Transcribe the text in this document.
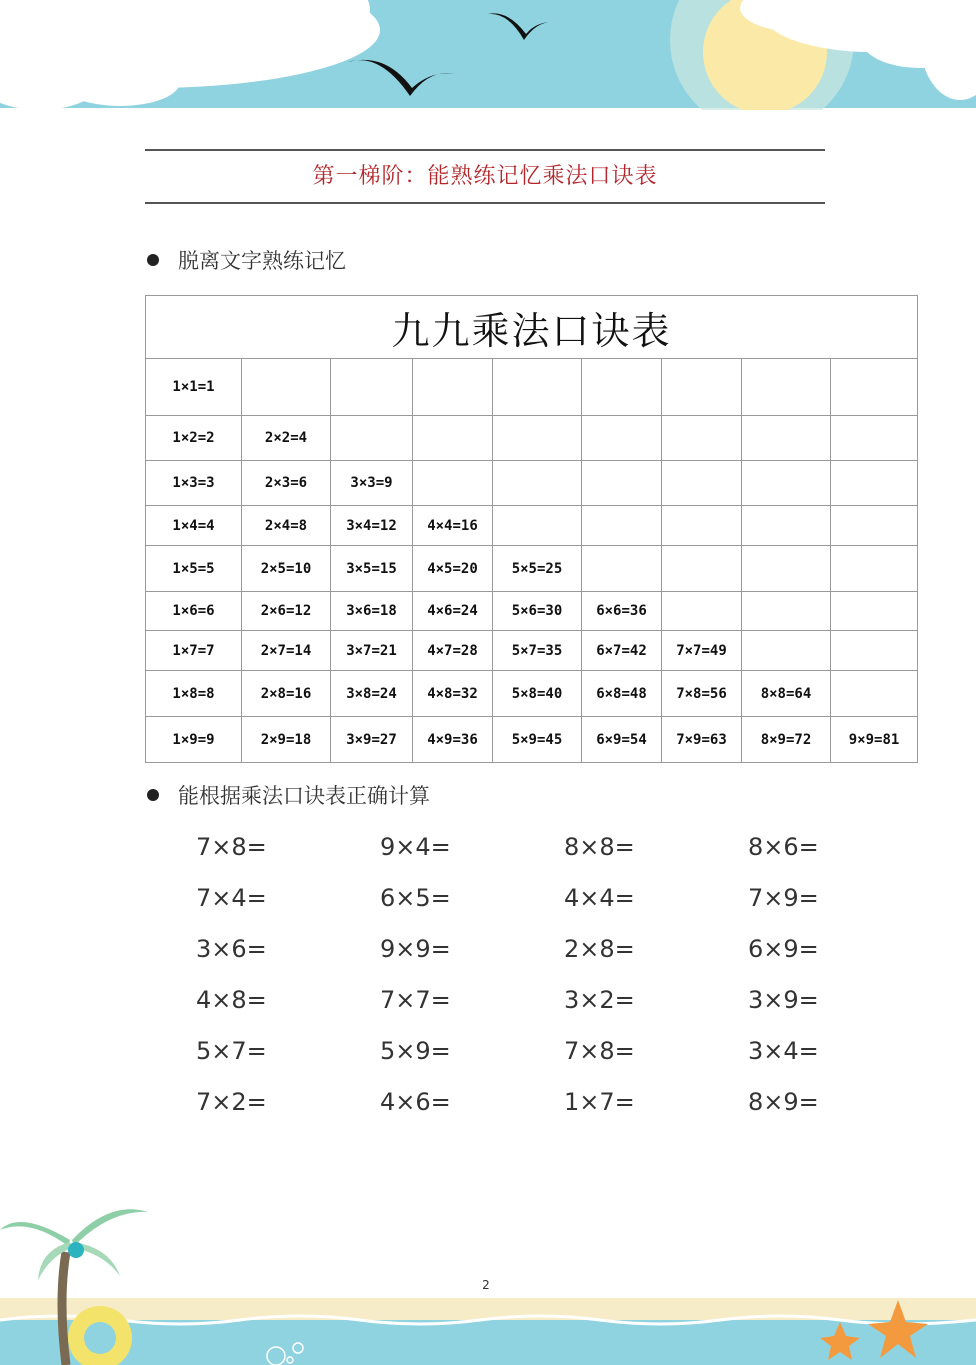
第一梯阶：能熟练记忆乘法口诀表
脱离文字熟练记忆
九九乘法口诀表								
1×1=1								
1×2=2	2×2=4							
1×3=3	2×3=6	3×3=9						
1×4=4	2×4=8	3×4=12	4×4=16					
1×5=5	2×5=10	3×5=15	4×5=20	5×5=25				
1×6=6	2×6=12	3×6=18	4×6=24	5×6=30	6×6=36			
1×7=7	2×7=14	3×7=21	4×7=28	5×7=35	6×7=42	7×7=49		
1×8=8	2×8=16	3×8=24	4×8=32	5×8=40	6×8=48	7×8=56	8×8=64	
1×9=9	2×9=18	3×9=27	4×9=36	5×9=45	6×9=54	7×9=63	8×9=72	9×9=81
能根据乘法口诀表正确计算
7×8=	9×4=	8×8=	8×6=
7×4=	6×5=	4×4=	7×9=
3×6=	9×9=	2×8=	6×9=
4×8=	7×7=	3×2=	3×9=
5×7=	5×9=	7×8=	3×4=
7×2=	4×6=	1×7=	8×9=
2
